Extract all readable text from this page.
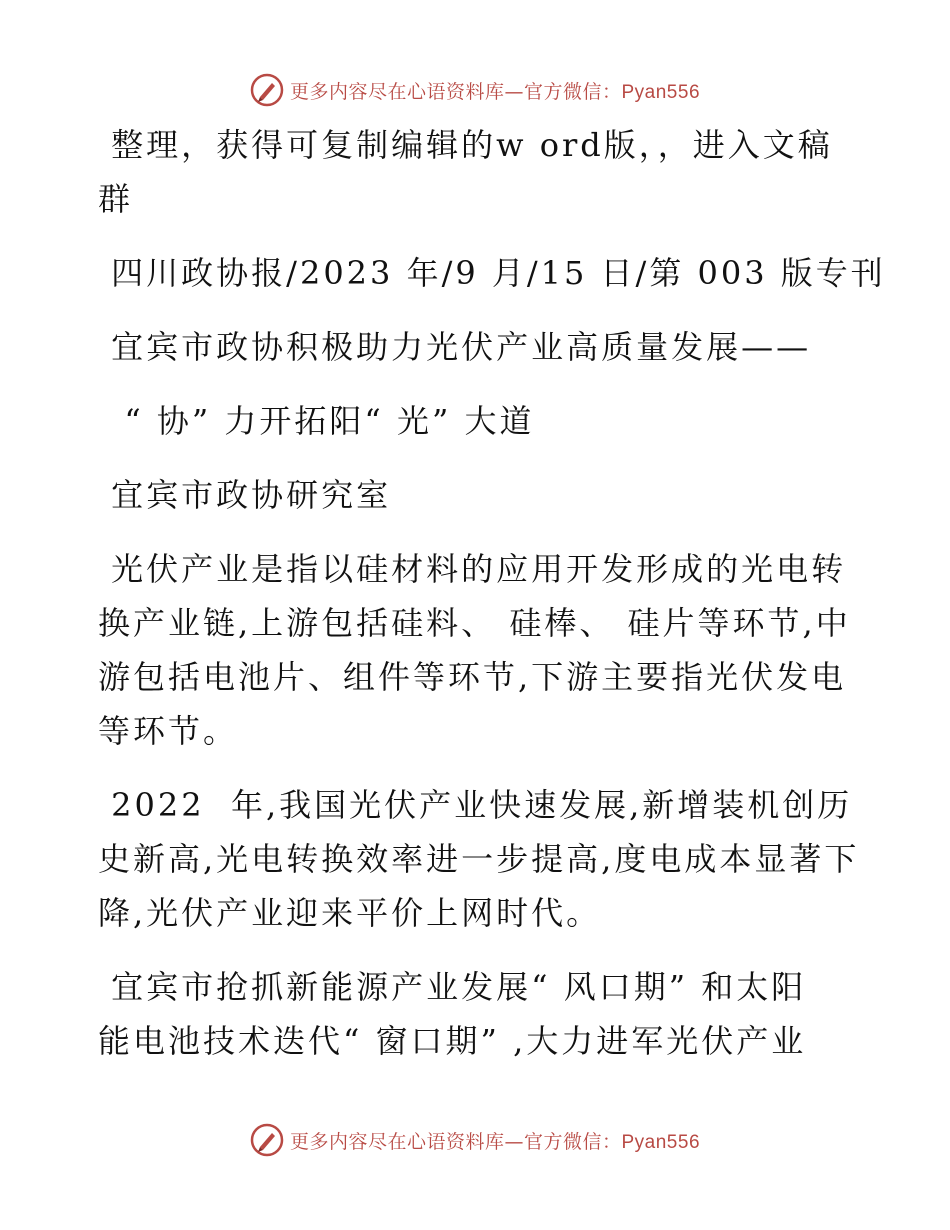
更多内容尽在心语资料库—官方微信：Pyan556
整理，获得可复制编辑的w ord版，，进入文稿
群
四川政协报/2023 年/9 月/15 日/第 003 版专刊
宜宾市政协积极助力光伏产业高质量发展——
“ 协” 力开拓阳“ 光” 大道
宜宾市政协研究室
光伏产业是指以硅材料的应用开发形成的光电转
换产业链,上游包括硅料、 硅棒、 硅片等环节,中
游包括电池片、组件等环节,下游主要指光伏发电
等环节。
2022  年,我国光伏产业快速发展,新增装机创历
史新高,光电转换效率进一步提高,度电成本显著下
降,光伏产业迎来平价上网时代。
宜宾市抢抓新能源产业发展“ 风口期” 和太阳
能电池技术迭代“ 窗口期” ,大力进军光伏产业
更多内容尽在心语资料库—官方微信：Pyan556
